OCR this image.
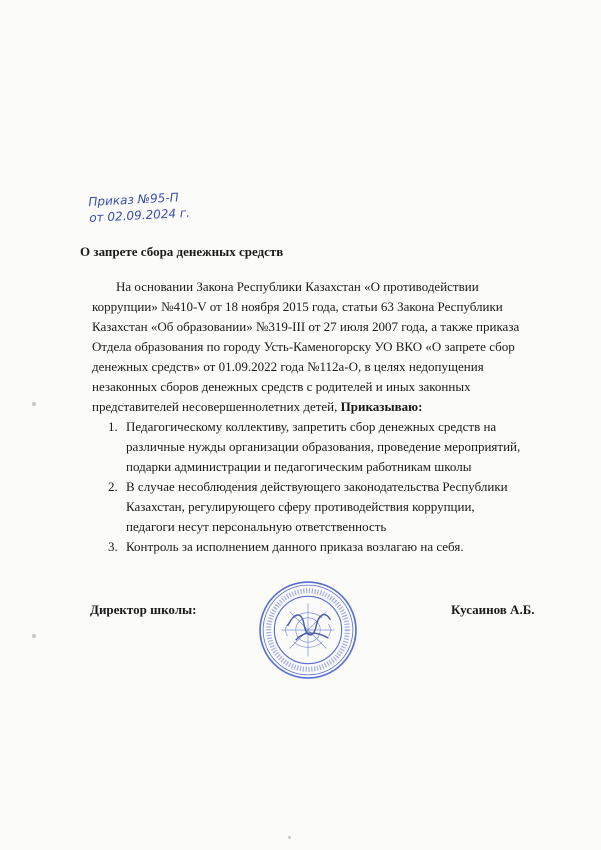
Приказ №95-П
от 02.09.2024 г.
О запрете сбора денежных средств
На основании Закона Республики Казахстан «О противодействии
коррупции» №410-V от 18 ноября 2015 года, статьи 63 Закона Республики
Казахстан «Об образовании» №319-III от 27 июля 2007 года, а также приказа
Отдела образования по городу Усть-Каменогорску УО ВКО «О запрете сбор
денежных средств» от 01.09.2022 года №112а-О, в целях недопущения
незаконных сборов денежных средств с родителей и иных законных
представителей несовершеннолетних детей, Приказываю:
1. Педагогическому коллективу, запретить сбор денежных средств на
различные нужды организации образования, проведение мероприятий,
подарки администрации и педагогическим работникам школы
2. В случае несоблюдения действующего законодательства Республики
Казахстан, регулирующего сферу противодействия коррупции,
педагоги несут персональную ответственность
3. Контроль за исполнением данного приказа возлагаю на себя.
Директор школы:	Кусаинов А.Б.
